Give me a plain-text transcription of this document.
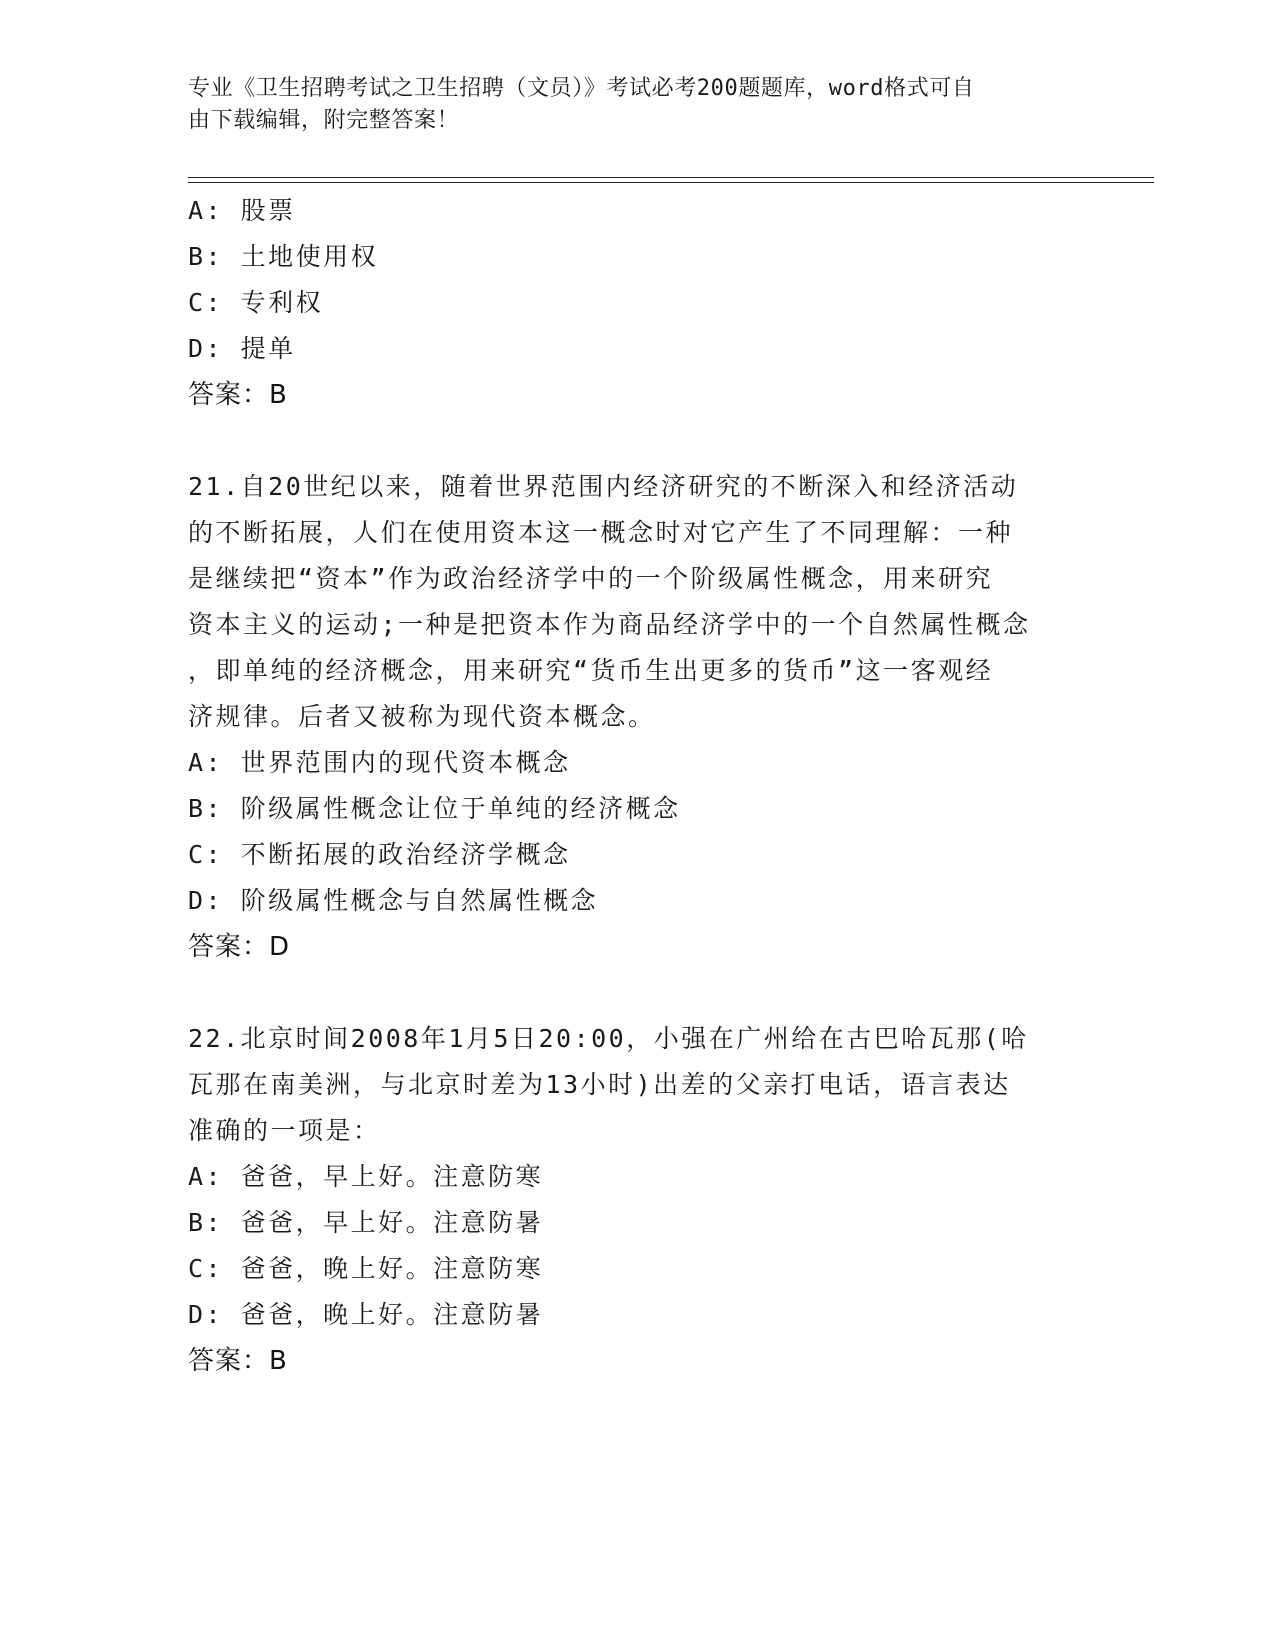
专业《卫生招聘考试之卫生招聘（文员）》考试必考200题题库，word格式可自
由下载编辑，附完整答案！
A: 股票
B: 土地使用权
C: 专利权
D: 提单
答案：B
21.自20世纪以来，随着世界范围内经济研究的不断深入和经济活动
的不断拓展，人们在使用资本这一概念时对它产生了不同理解：一种
是继续把“资本”作为政治经济学中的一个阶级属性概念，用来研究
资本主义的运动;一种是把资本作为商品经济学中的一个自然属性概念
，即单纯的经济概念，用来研究“货币生出更多的货币”这一客观经
济规律。后者又被称为现代资本概念。
A: 世界范围内的现代资本概念
B: 阶级属性概念让位于单纯的经济概念
C: 不断拓展的政治经济学概念
D: 阶级属性概念与自然属性概念
答案：D
22.北京时间2008年1月5日20:00，小强在广州给在古巴哈瓦那(哈
瓦那在南美洲，与北京时差为13小时)出差的父亲打电话，语言表达
准确的一项是：
A: 爸爸，早上好。注意防寒
B: 爸爸，早上好。注意防暑
C: 爸爸，晚上好。注意防寒
D: 爸爸，晚上好。注意防暑
答案：B
